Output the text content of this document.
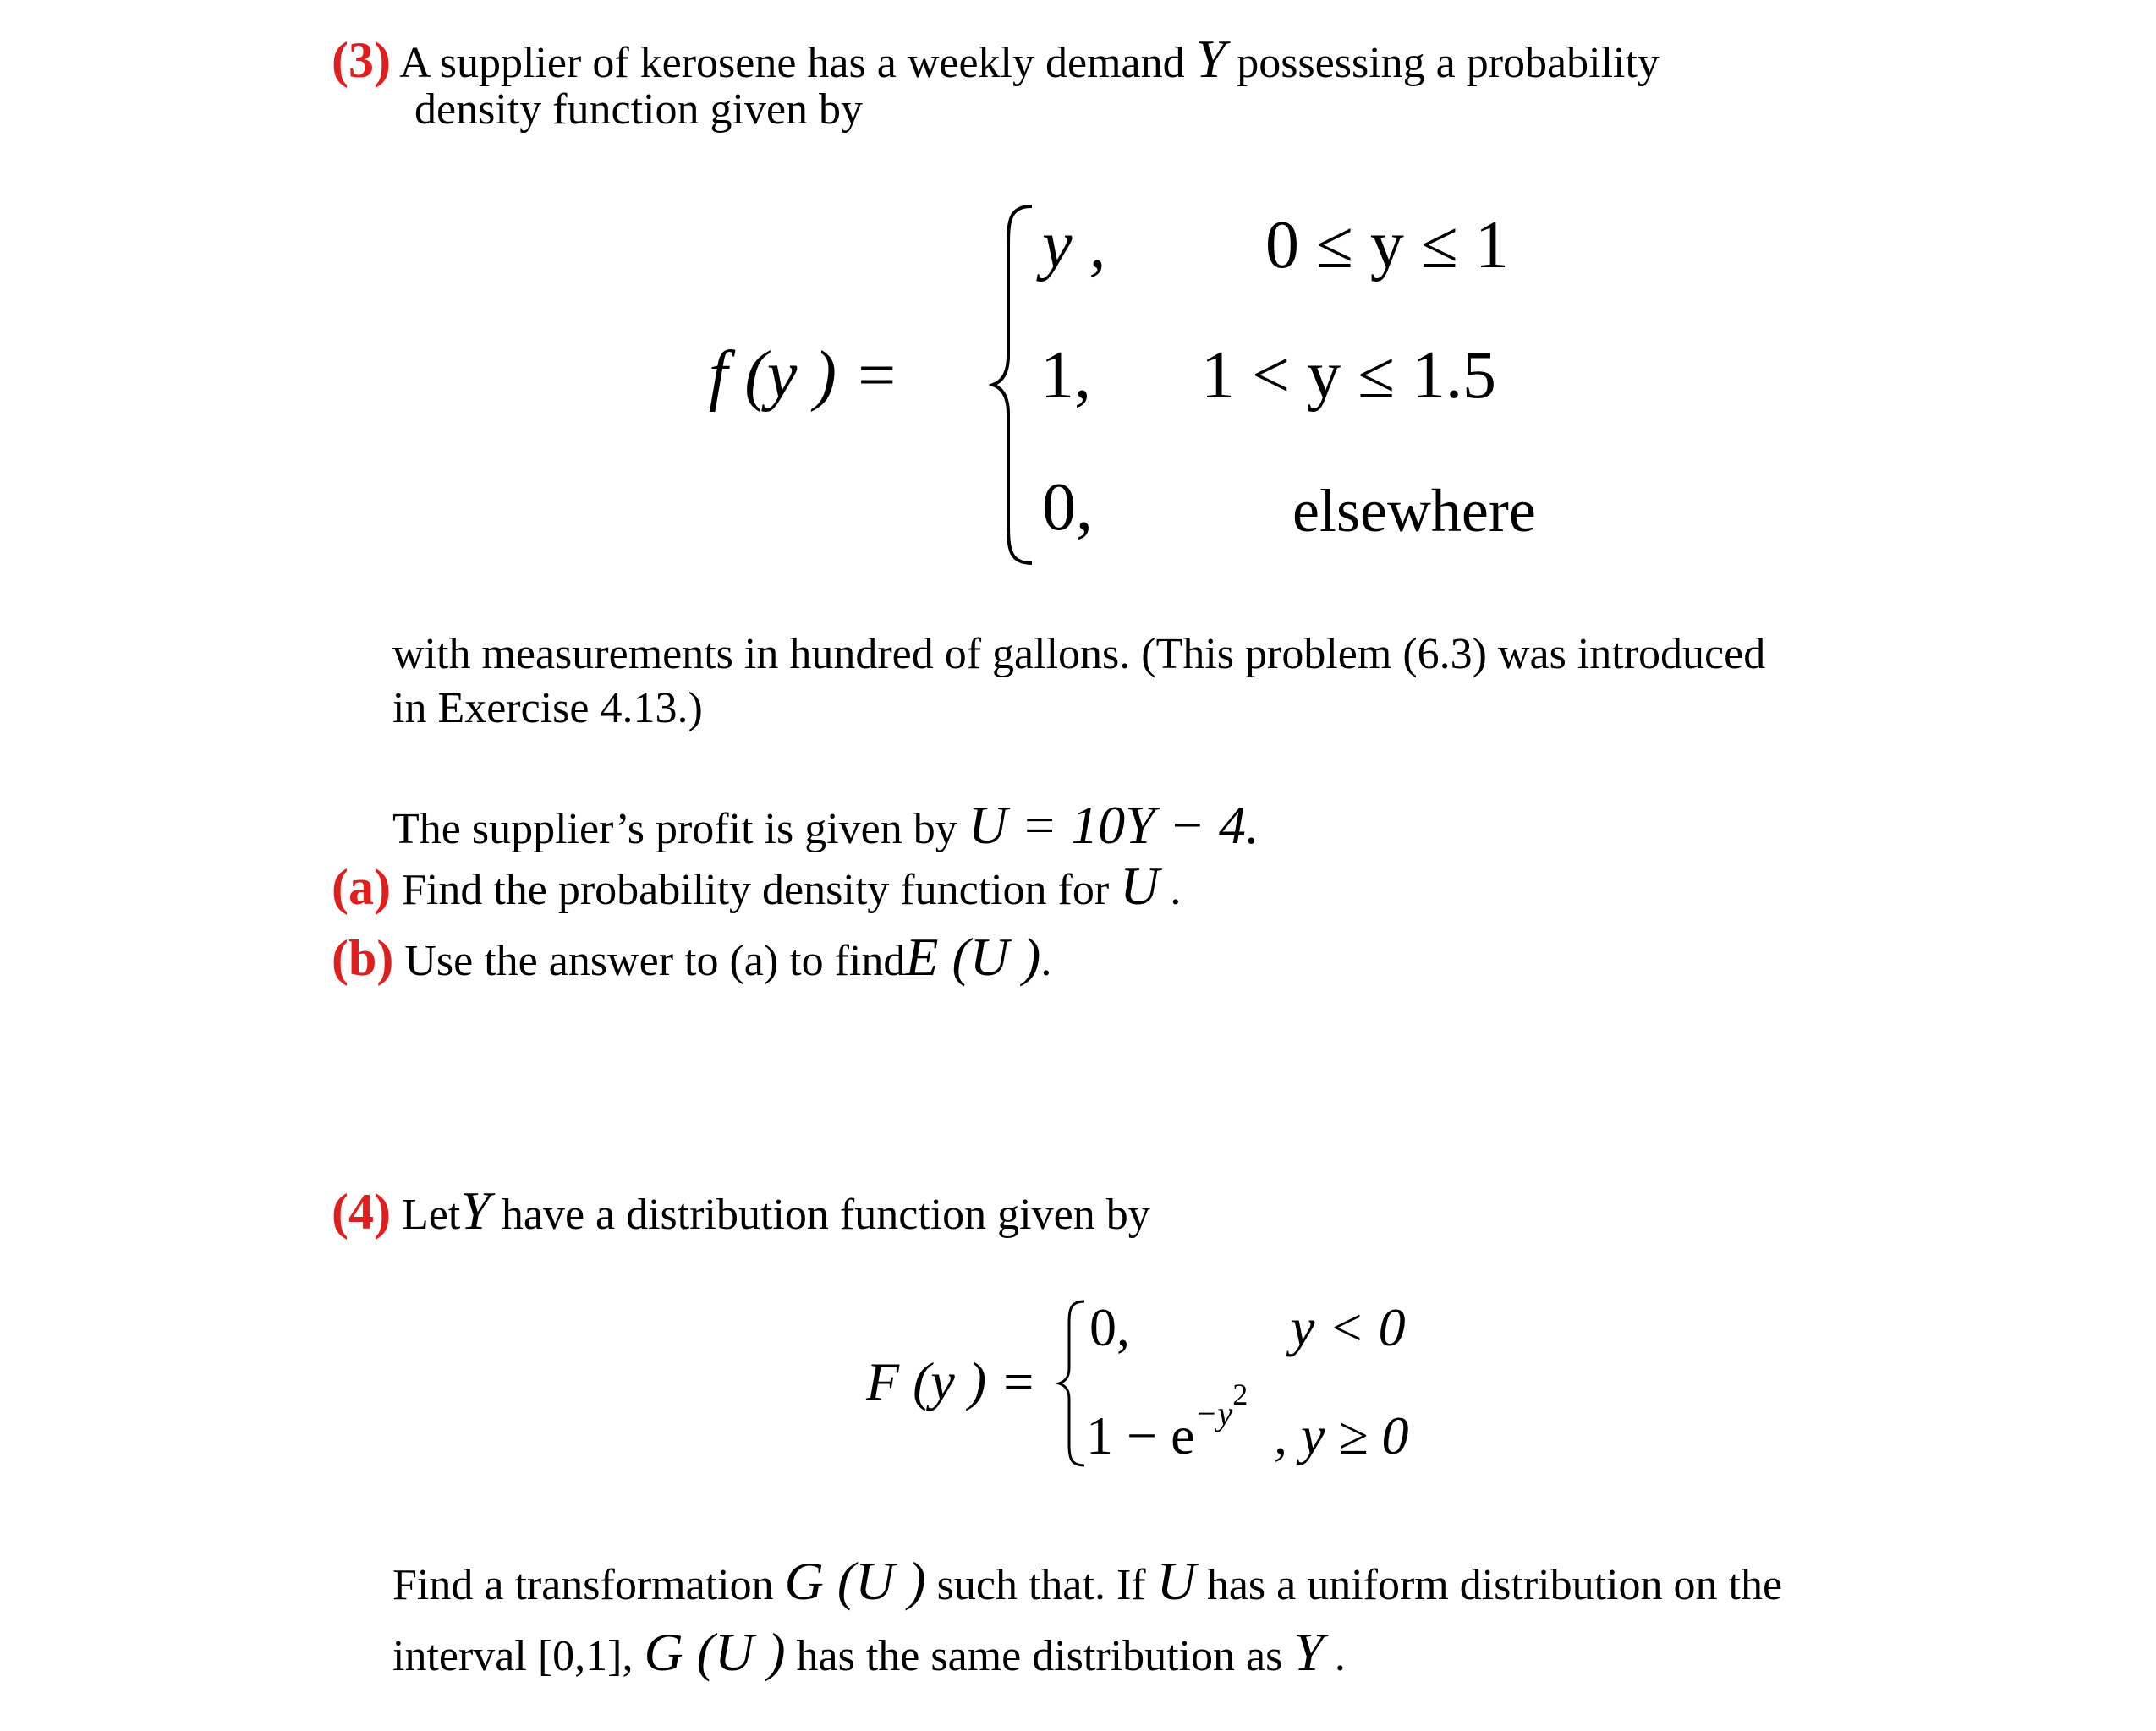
(3) A supplier of kerosene has a weekly demand Y possessing a probability
density function given by
f (y ) =
y , 0 ≤ y ≤ 1
1, 1 < y ≤ 1.5
0,	elsewhere
with measurements in hundred of gallons. (This problem (6.3) was introduced
in Exercise 4.13.)
The supplier’s profit is given by U = 10Y − 4.
(a) Find the probability density function for U .
(b) Use the answer to (a) to findE (U ).
(4) LetY have a distribution function given by
F (y ) =
0,	y < 0
$1 - e^{-y2}$
, y ≥ 0
Find a transformation G (U ) such that. If U has a uniform distribution on the
interval [0,1], G (U ) has the same distribution as Y .
